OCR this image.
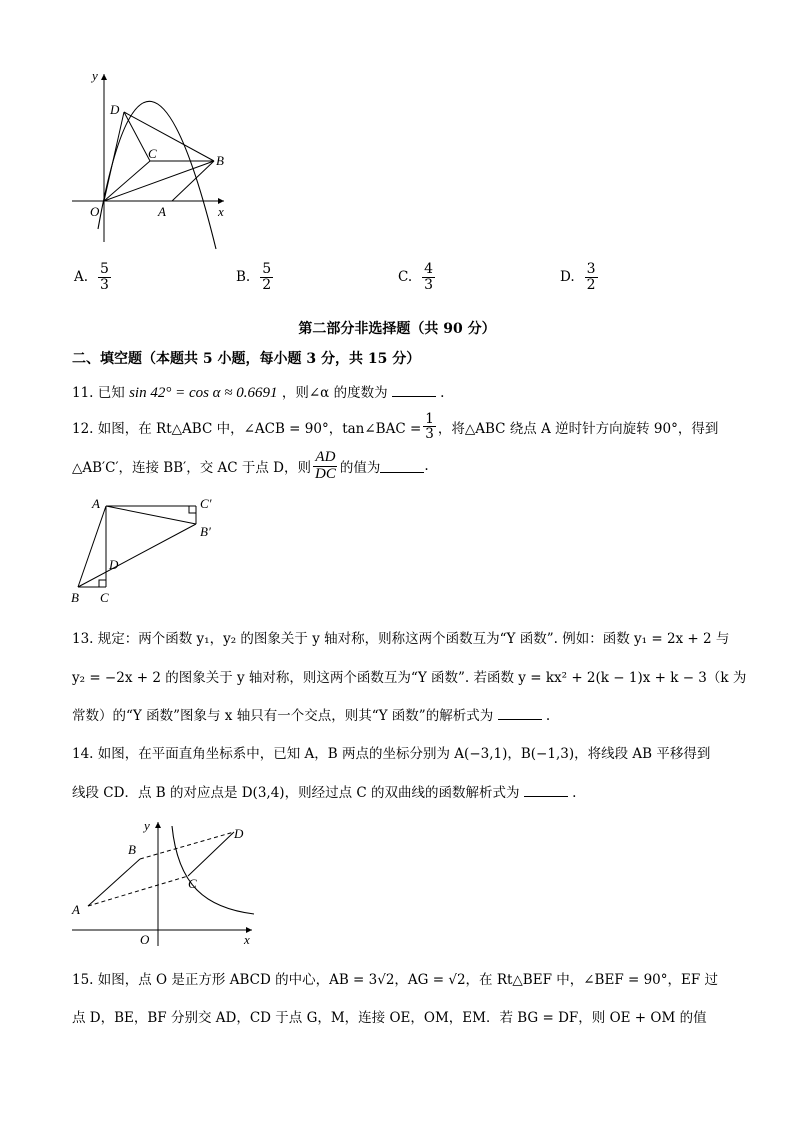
y
x
O	A
B
C
D
A. $\frac{5}{3}$	B. $\frac{5}{2}$	C. $\frac{4}{3}$	D. $\frac{3}{2}$
第二部分非选择题（共 90 分）
二、填空题（本题共 5 小题，每小题 3 分，共 15 分）
11. 已知 sin 42° = cos α ≈ 0.6691 ，则∠α 的度数为	.
12. 如图，在 Rt△ABC 中，∠ACB = 90°，tan∠BAC = $\frac{1}{3}$ ，将△ABC 绕点 A 逆时针方向旋转 90°，得到
△AB′C′，连接 BB′，交 AC 于点 D，则 $\frac{AD}{DC}$ 的值为	.
A	C′
B′
D
B C
13. 规定：两个函数 y₁，y₂ 的图象关于 y 轴对称，则称这两个函数互为“Y 函数”. 例如：函数 y₁ = 2x + 2 与
y₂ = −2x + 2 的图象关于 y 轴对称，则这两个函数互为“Y 函数”. 若函数 y = kx² + 2(k − 1)x + k − 3（k 为
常数）的“Y 函数”图象与 x 轴只有一个交点，则其“Y 函数”的解析式为	.
14. 如图，在平面直角坐标系中，已知 A，B 两点的坐标分别为 A(−3,1)，B(−1,3)，将线段 AB 平移得到
线段 CD．点 B 的对应点是 D(3,4)，则经过点 C 的双曲线的函数解析式为	.
y
x
O
A
B
C
D
15. 如图，点 O 是正方形 ABCD 的中心，AB = 3√2，AG = √2，在 Rt△BEF 中，∠BEF = 90°，EF 过
点 D，BE，BF 分别交 AD，CD 于点 G，M，连接 OE，OM，EM．若 BG = DF，则 OE + OM 的值
